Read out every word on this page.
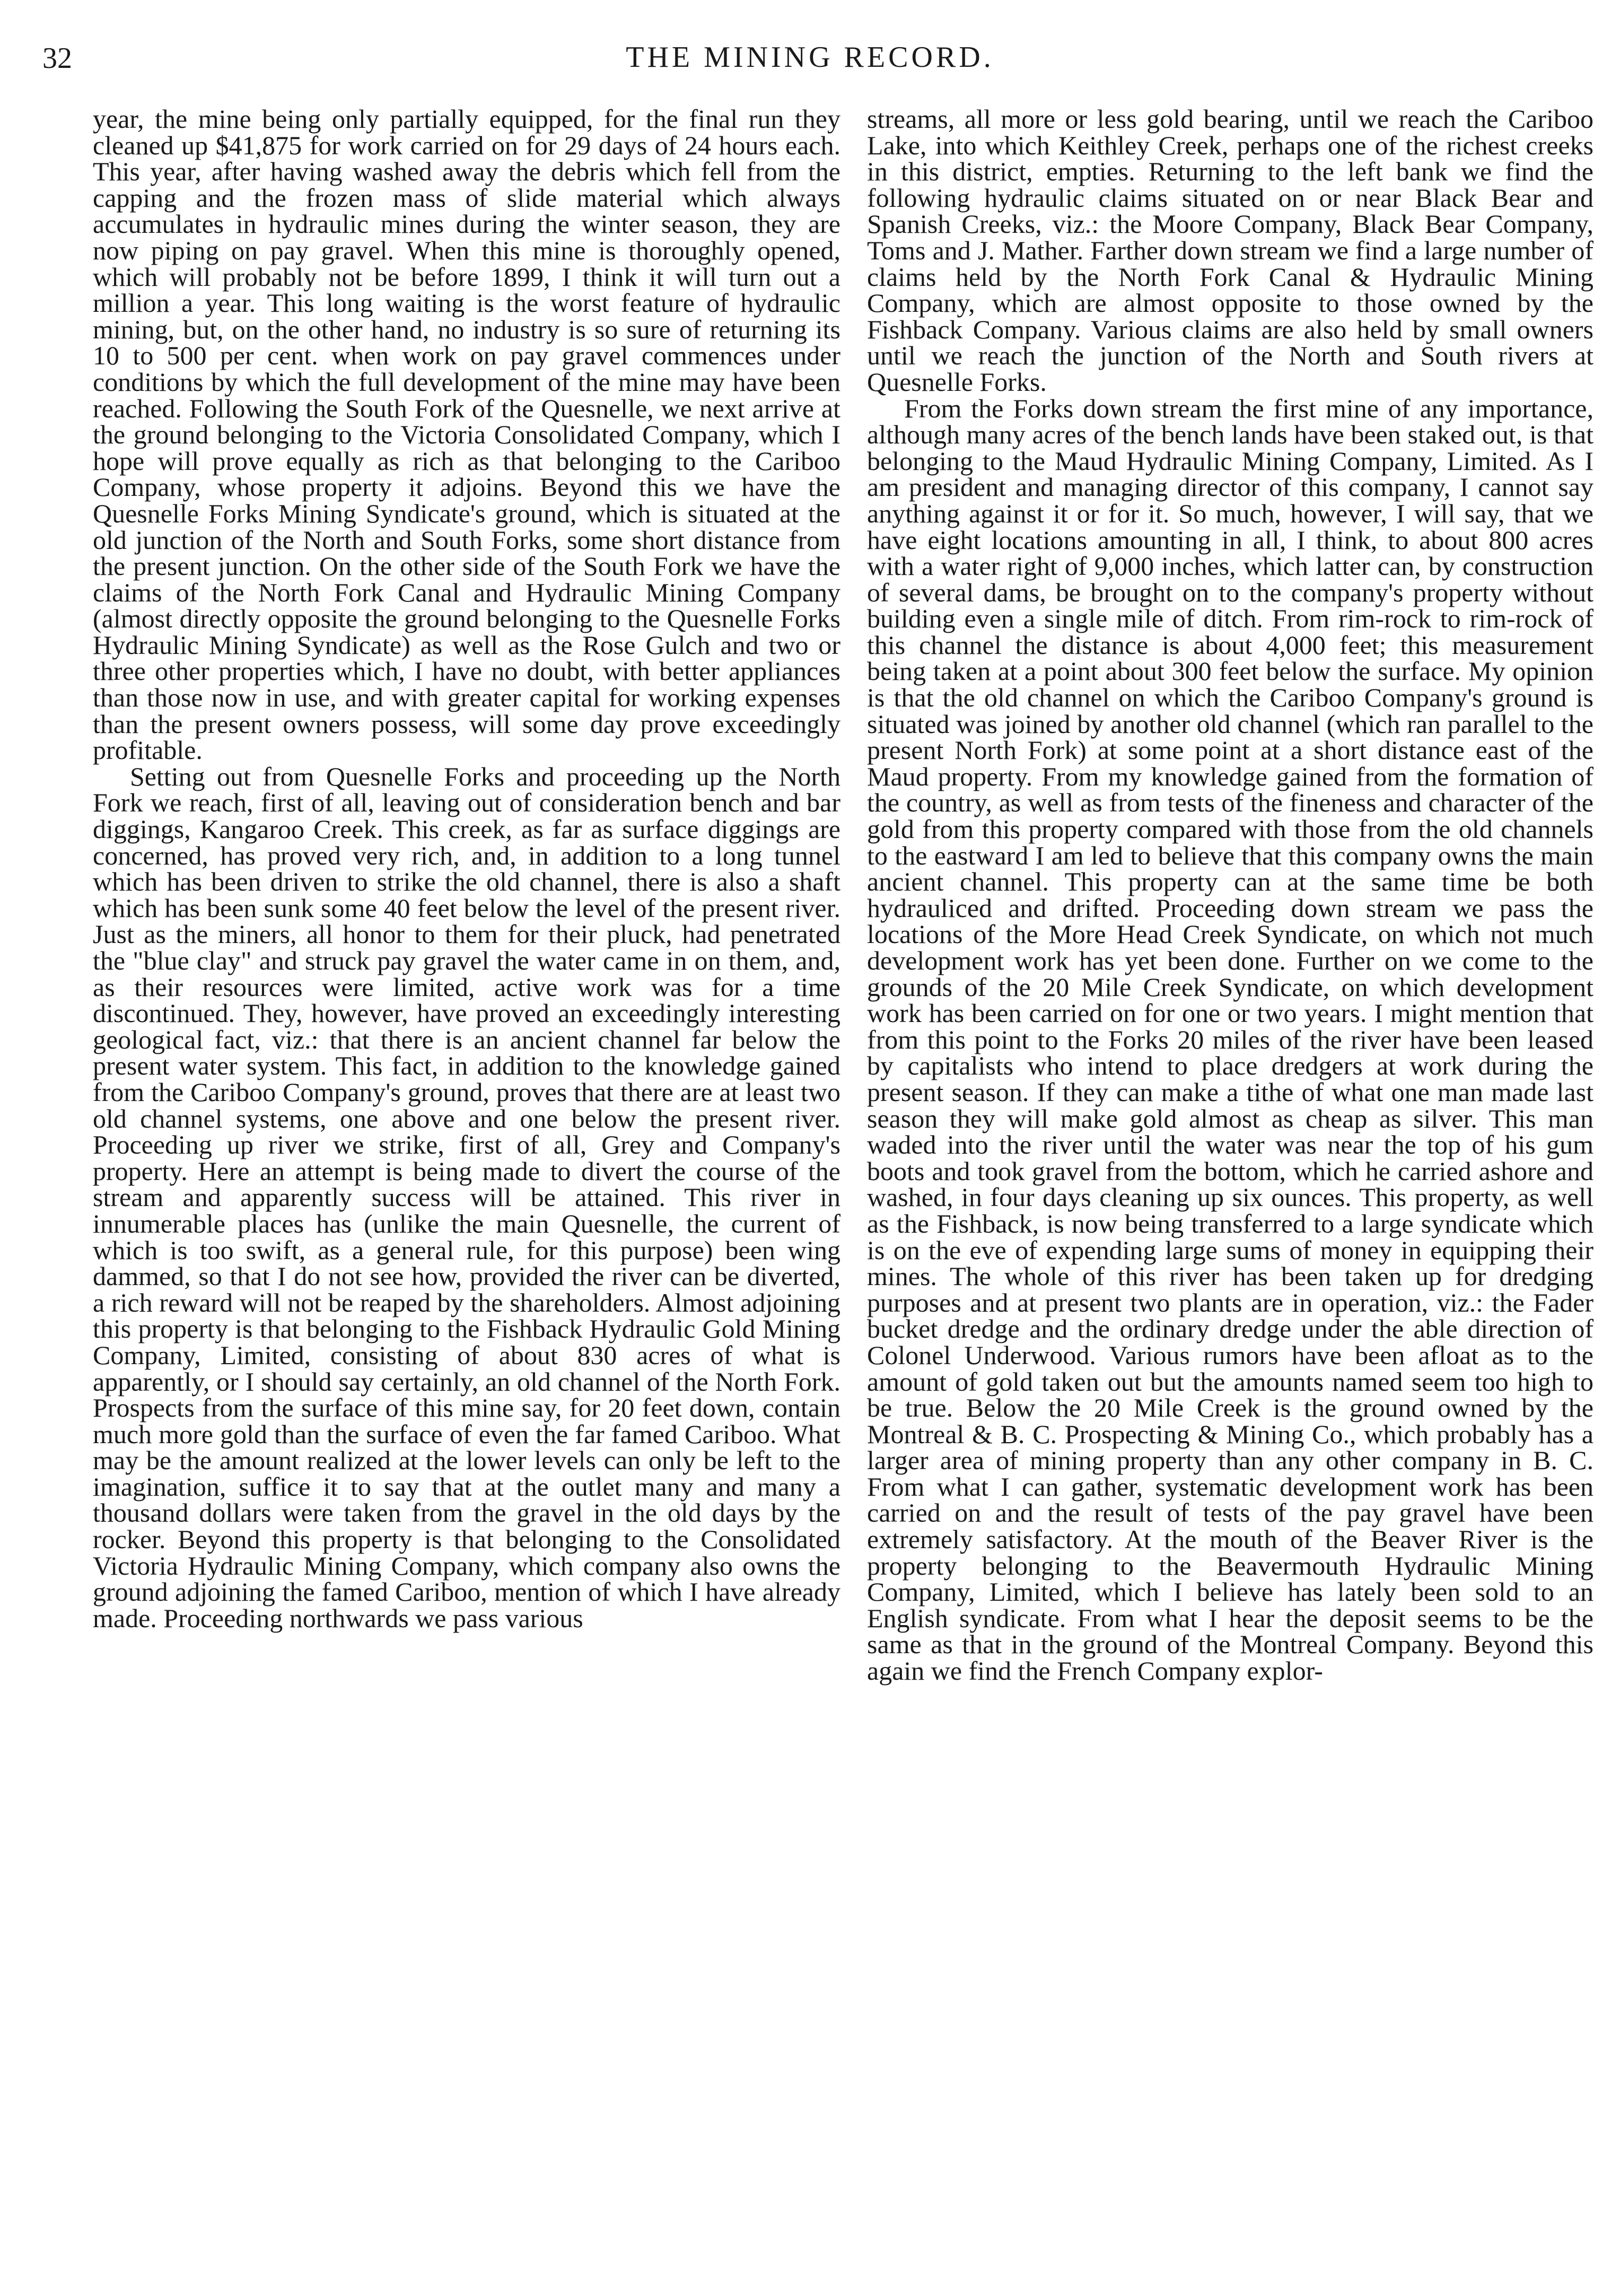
32	THE MINING RECORD.

year, the mine being only partially equipped, for the final run they cleaned up $41,875 for work carried on for 29 days of 24 hours each. This year, after having washed away the debris which fell from the capping and the frozen mass of slide material which always accumulates in hydraulic mines during the winter season, they are now piping on pay gravel. When this mine is thoroughly opened, which will probably not be before 1899, I think it will turn out a million a year. This long waiting is the worst feature of hydraulic mining, but, on the other hand, no industry is so sure of returning its 10 to 500 per cent. when work on pay gravel commences under conditions by which the full development of the mine may have been reached. Following the South Fork of the Quesnelle, we next arrive at the ground belonging to the Victoria Consolidated Company, which I hope will prove equally as rich as that belonging to the Cariboo Company, whose property it adjoins. Beyond this we have the Quesnelle Forks Mining Syndicate's ground, which is situated at the old junction of the North and South Forks, some short distance from the present junction. On the other side of the South Fork we have the claims of the North Fork Canal and Hydraulic Mining Company (almost directly opposite the ground belonging to the Quesnelle Forks Hydraulic Mining Syndicate) as well as the Rose Gulch and two or three other properties which, I have no doubt, with better appliances than those now in use, and with greater capital for working expenses than the present owners possess, will some day prove exceedingly profitable.

Setting out from Quesnelle Forks and proceeding up the North Fork we reach, first of all, leaving out of consideration bench and bar diggings, Kangaroo Creek. This creek, as far as surface diggings are concerned, has proved very rich, and, in addition to a long tunnel which has been driven to strike the old channel, there is also a shaft which has been sunk some 40 feet below the level of the present river. Just as the miners, all honor to them for their pluck, had penetrated the "blue clay" and struck pay gravel the water came in on them, and, as their resources were limited, active work was for a time discontinued. They, however, have proved an exceedingly interesting geological fact, viz.: that there is an ancient channel far below the present water system. This fact, in addition to the knowledge gained from the Cariboo Company's ground, proves that there are at least two old channel systems, one above and one below the present river. Proceeding up river we strike, first of all, Grey and Company's property. Here an attempt is being made to divert the course of the stream and apparently success will be attained. This river in innumerable places has (unlike the main Quesnelle, the current of which is too swift, as a general rule, for this purpose) been wing dammed, so that I do not see how, provided the river can be diverted, a rich reward will not be reaped by the shareholders. Almost adjoining this property is that belonging to the Fishback Hydraulic Gold Mining Company, Limited, consisting of about 830 acres of what is apparently, or I should say certainly, an old channel of the North Fork. Prospects from the surface of this mine say, for 20 feet down, contain much more gold than the surface of even the far famed Cariboo. What may be the amount realized at the lower levels can only be left to the imagination, suffice it to say that at the outlet many and many a thousand dollars were taken from the gravel in the old days by the rocker. Beyond this property is that belonging to the Consolidated Victoria Hydraulic Mining Company, which company also owns the ground adjoining the famed Cariboo, mention of which I have already made. Proceeding northwards we pass various

streams, all more or less gold bearing, until we reach the Cariboo Lake, into which Keithley Creek, perhaps one of the richest creeks in this district, empties. Returning to the left bank we find the following hydraulic claims situated on or near Black Bear and Spanish Creeks, viz.: the Moore Company, Black Bear Company, Toms and J. Mather. Farther down stream we find a large number of claims held by the North Fork Canal & Hydraulic Mining Company, which are almost opposite to those owned by the Fishback Company. Various claims are also held by small owners until we reach the junction of the North and South rivers at Quesnelle Forks.

From the Forks down stream the first mine of any importance, although many acres of the bench lands have been staked out, is that belonging to the Maud Hydraulic Mining Company, Limited. As I am president and managing director of this company, I cannot say anything against it or for it. So much, however, I will say, that we have eight locations amounting in all, I think, to about 800 acres with a water right of 9,000 inches, which latter can, by construction of several dams, be brought on to the company's property without building even a single mile of ditch. From rim-rock to rim-rock of this channel the distance is about 4,000 feet; this measurement being taken at a point about 300 feet below the surface. My opinion is that the old channel on which the Cariboo Company's ground is situated was joined by another old channel (which ran parallel to the present North Fork) at some point at a short distance east of the Maud property. From my knowledge gained from the formation of the country, as well as from tests of the fineness and character of the gold from this property compared with those from the old channels to the eastward I am led to believe that this company owns the main ancient channel. This property can at the same time be both hydrauliced and drifted. Proceeding down stream we pass the locations of the More Head Creek Syndicate, on which not much development work has yet been done. Further on we come to the grounds of the 20 Mile Creek Syndicate, on which development work has been carried on for one or two years. I might mention that from this point to the Forks 20 miles of the river have been leased by capitalists who intend to place dredgers at work during the present season. If they can make a tithe of what one man made last season they will make gold almost as cheap as silver. This man waded into the river until the water was near the top of his gum boots and took gravel from the bottom, which he carried ashore and washed, in four days cleaning up six ounces. This property, as well as the Fishback, is now being transferred to a large syndicate which is on the eve of expending large sums of money in equipping their mines. The whole of this river has been taken up for dredging purposes and at present two plants are in operation, viz.: the Fader bucket dredge and the ordinary dredge under the able direction of Colonel Underwood. Various rumors have been afloat as to the amount of gold taken out but the amounts named seem too high to be true. Below the 20 Mile Creek is the ground owned by the Montreal & B. C. Prospecting & Mining Co., which probably has a larger area of mining property than any other company in B. C. From what I can gather, systematic development work has been carried on and the result of tests of the pay gravel have been extremely satisfactory. At the mouth of the Beaver River is the property belonging to the Beavermouth Hydraulic Mining Company, Limited, which I believe has lately been sold to an English syndicate. From what I hear the deposit seems to be the same as that in the ground of the Montreal Company. Beyond this again we find the French Company explor-
